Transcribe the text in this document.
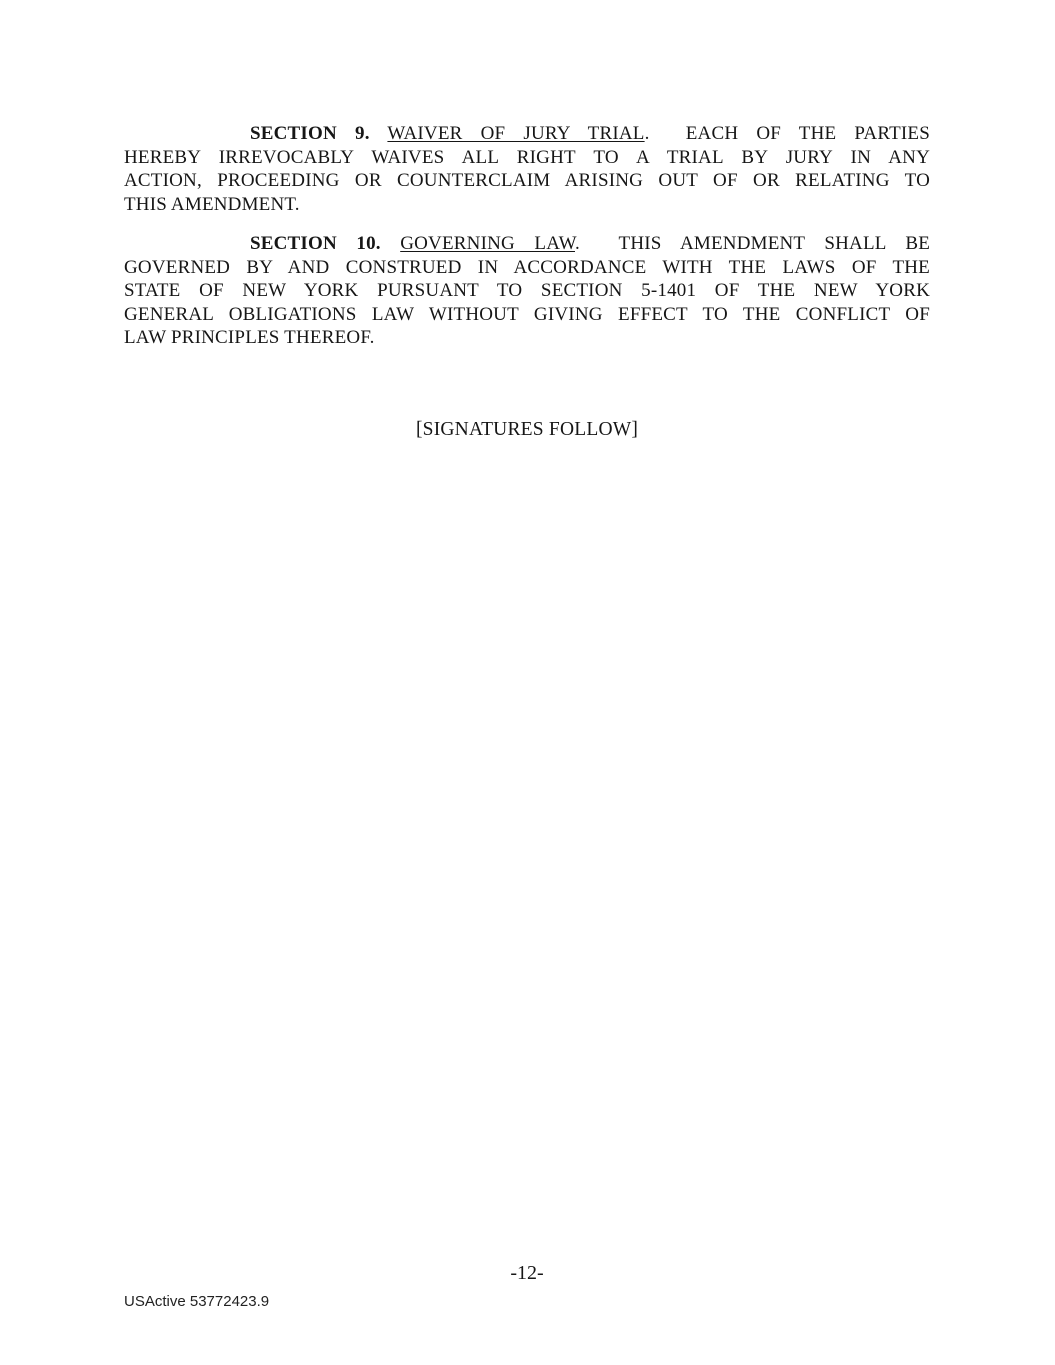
SECTION 9. WAIVER OF JURY TRIAL.  EACH OF THE PARTIES
HEREBY IRREVOCABLY WAIVES ALL RIGHT TO A TRIAL BY JURY IN ANY
ACTION, PROCEEDING OR COUNTERCLAIM ARISING OUT OF OR RELATING TO
THIS AMENDMENT.
SECTION 10. GOVERNING LAW.  THIS AMENDMENT SHALL BE
GOVERNED BY AND CONSTRUED IN ACCORDANCE WITH THE LAWS OF THE
STATE OF NEW YORK PURSUANT TO SECTION 5-1401 OF THE NEW YORK
GENERAL OBLIGATIONS LAW WITHOUT GIVING EFFECT TO THE CONFLICT OF
LAW PRINCIPLES THEREOF.
[SIGNATURES FOLLOW]
-12-
USActive 53772423.9
